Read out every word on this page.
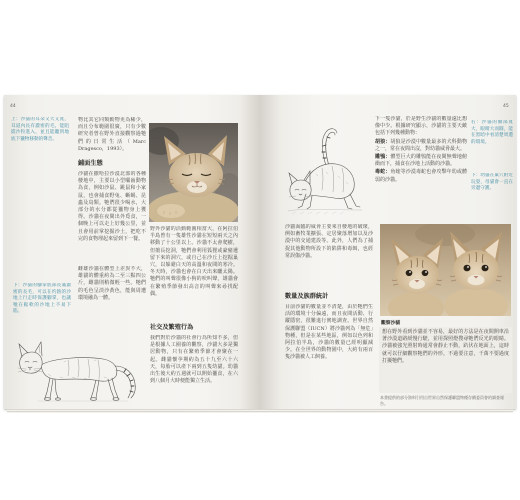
44
上：沙貓的耳朵又大又寬，耳道內長有濃密的毛，能阻擋沙粒進入，並且能聽到地底下獵物移動的聲音。
物比其它同類動物更為稀少，而且分布範圍很廣，只有少數研究者曾在野外直接觀察過牠們的日常生活（Marc Dragesco，1993）。
鋪面生態
沙貓在撒哈拉沙漠北部的各種棲地中，主要以小型囓齒動物為食，例如沙鼠、跳鼠和小家鼠，也會捕食野兔、蜥蜴、昆蟲及鳥類。牠們很少喝水，大部分的水分都從獵物身上獲得。沙貓在夜間出外覓食，一個晚上可以走上好幾公里，並且會用前掌挖掘沙土，把吃不完的食物埋起來留到下一餐。
雌雄沙貓在體型上差異不大，雄貓的體重約為二至三點四公斤，雌貓則稍微輕一些。牠們的毛色呈淡沙黃色，能與周遭環境融為一體。
下：沙貓的腳掌底部長滿濃密的長毛，可以在灼熱的沙地上行走時保護腳掌，也讓牠在鬆軟的沙地上不易下陷。
野外沙貓的活動範圍相當大，在阿拉伯半島曾有一隻雄性沙貓在短短兩天之內移動了十公里以上。沙貓不太會爬樹，但擅長挖洞，牠們會利用狐狸或豪豬遺留下來的洞穴，或自己在沙丘上挖掘巢穴，以躲避白天的高溫和夜間的寒冷。冬天時，沙貓也會在白天出來曬太陽。牠們的叫聲很像小狗的吠叫聲，雄貓會在繁殖季節發出高音的叫聲來尋找配偶。
社交及繁殖行為
我們對於沙貓的社會行為所知不多，但是根據人工圈養的觀察，沙貓大多是獨居動物，只有在繁殖季節才會聚在一起。雌貓懷孕期約為五十九至六十六天，每胎可以產下兩到五隻幼貓。幼貓出生後大約五週就可以開始獵食，在六到八個月大時便能獨立生活。
45
下一隻沙貓，於是野生沙貓的數量遠比想像中少。根據研究顯示，沙貓的主要天敵包括下列幾種動物：
胡狼：胡狼是沙漠中數量最多的犬科動物之一，常在夜間出沒，對幼貓威脅最大。
雕鴞：體型巨大的雕鴞能在夜間無聲地俯衝而下，捕食在沙地上活動的沙貓。
毒蛇：角蝰等沙漠毒蛇也會攻擊年幼或體弱的沙貓。
右：沙貓的臉部寬大，眼睛大而圓，能在黑暗中看清楚周遭的環境。
下：幼貓在巢穴附近玩耍，母貓會一直在旁邊守護。
沙貓面臨的威脅主要來自棲地的破壞，例如畜牧業擴張、定居聚落增加以及沙漠中的交通建設等。此外，人們為了捕捉其他動物所設下的陷阱和毒餌，也經常誤傷沙貓。
數量及族群統計
目前沙貓的數量並不清楚，由於牠們生活的環境十分偏遠，而且夜間活動、行蹤隱密，很難進行實地調查。世界自然保護聯盟（IUCN）將沙貓列為「無危」物種，但是在某些地區，例如以色列和阿拉伯半島，沙貓的數量已經明顯減少。在全世界的動物園中，大約有兩百隻沙貓被人工飼養。
觀察沙貓
想在野外看到沙貓並不容易，最好的方法是在夜間開車沿著沙漠道路緩慢行駛，並用探照燈搜尋牠們反光的眼睛。沙貓被強光照射時通常會靜止不動，趴伏在地面上，這時就可以仔細觀察牠們的外形。不過要注意，千萬不要過度打擾牠們。
本書提供的部分資料引用自世界自然保護聯盟物種存續委員會的調查報告。
